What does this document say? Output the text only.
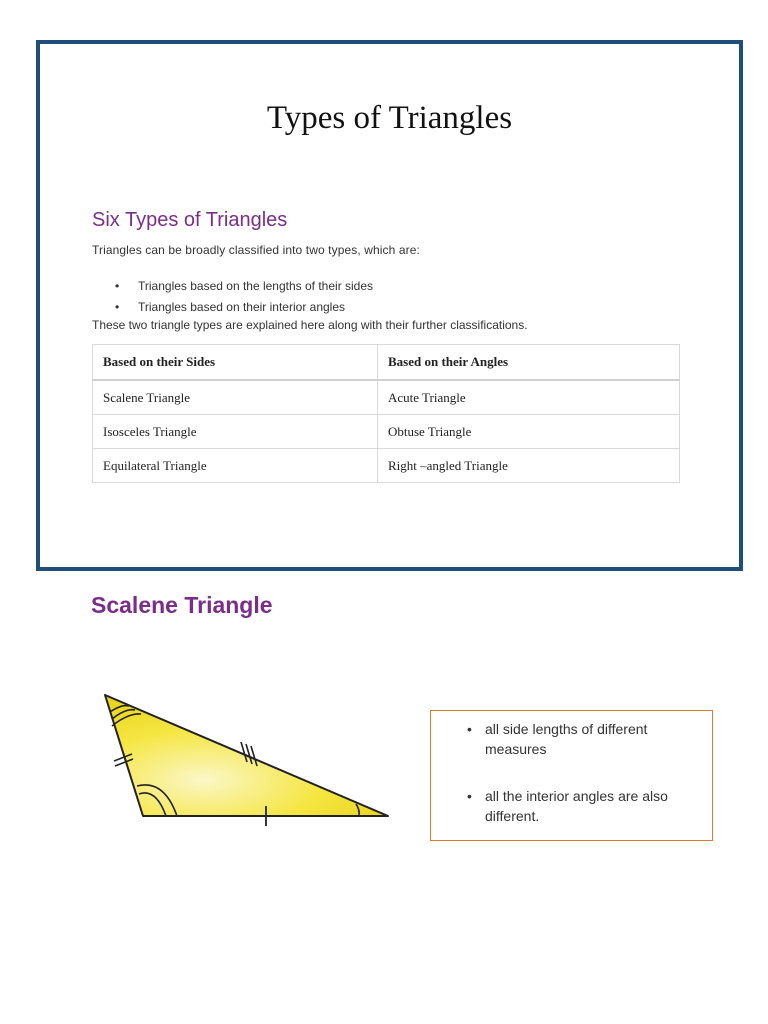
Types of Triangles
Six Types of Triangles
Triangles can be broadly classified into two types, which are:
• Triangles based on the lengths of their sides
• Triangles based on their interior angles
These two triangle types are explained here along with their further classifications.
Based on their Sides	Based on their Angles
Scalene Triangle	Acute Triangle
Isosceles Triangle	Obtuse Triangle
Equilateral Triangle	Right –angled Triangle
Scalene Triangle
• all side lengths of different measures
• all the interior angles are also different.
